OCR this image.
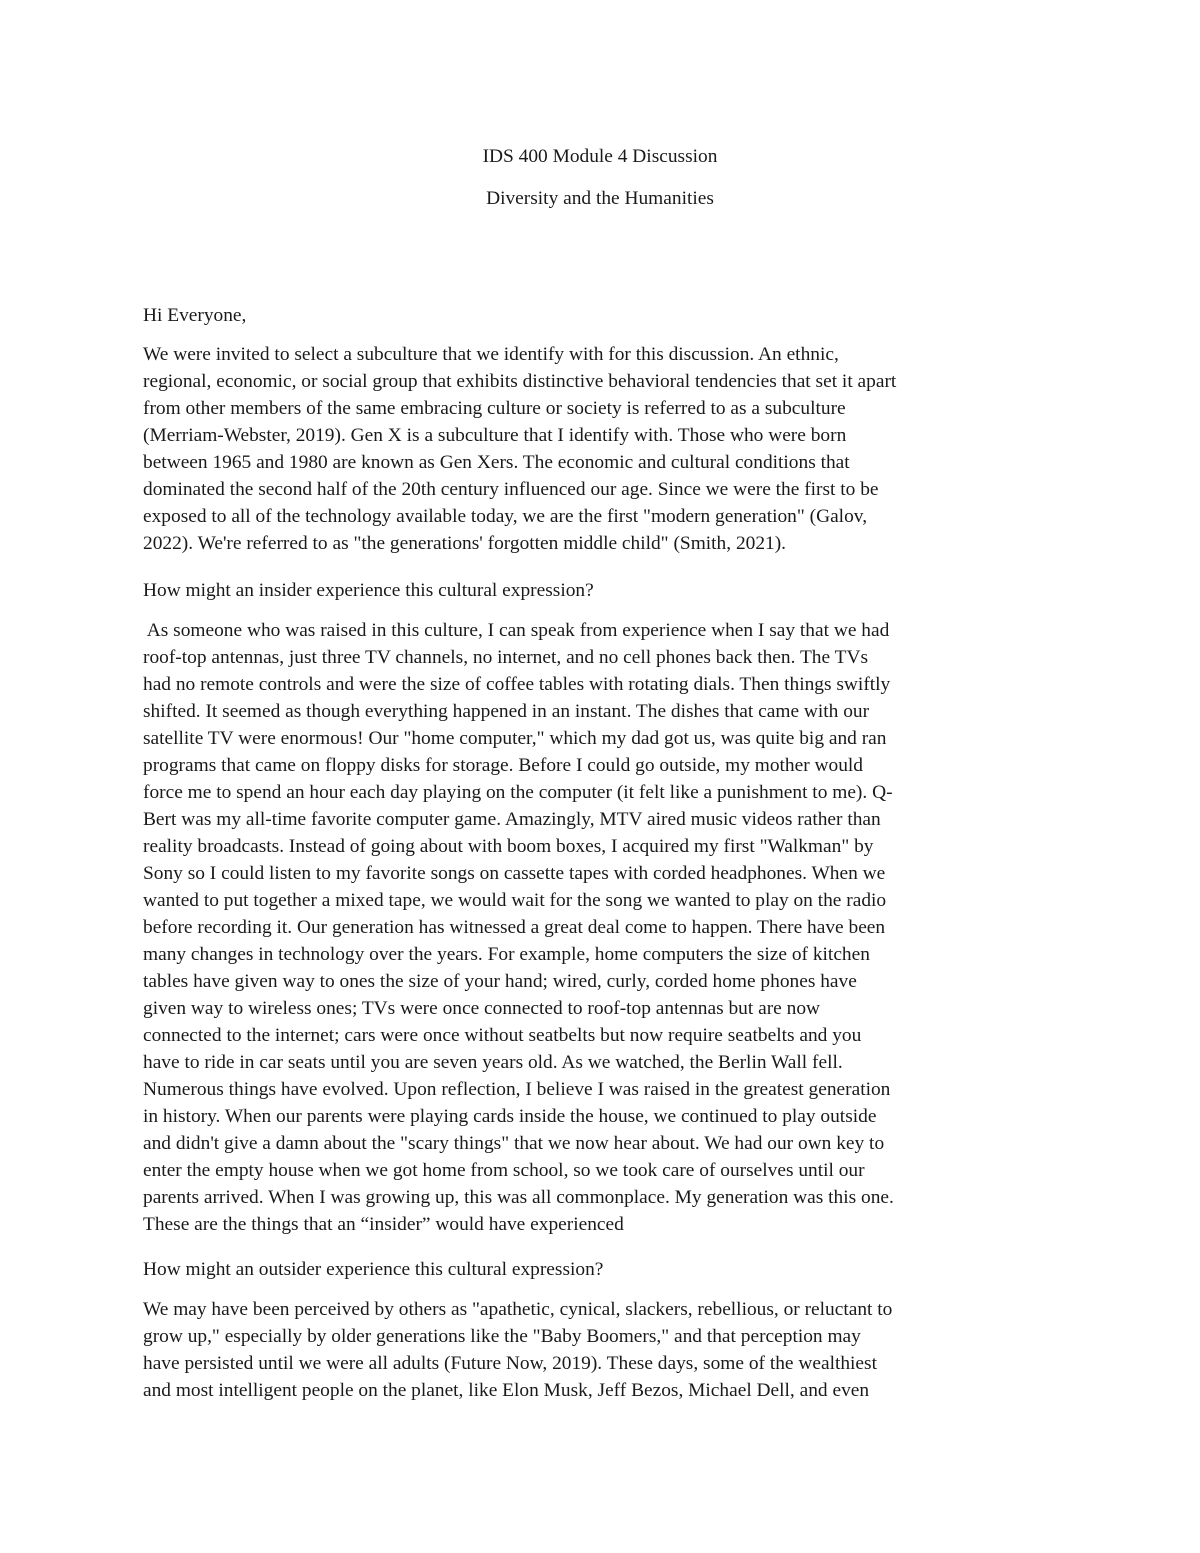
IDS 400 Module 4 Discussion
Diversity and the Humanities
Hi Everyone,
We were invited to select a subculture that we identify with for this discussion. An ethnic,
regional, economic, or social group that exhibits distinctive behavioral tendencies that set it apart
from other members of the same embracing culture or society is referred to as a subculture
(Merriam-Webster, 2019). Gen X is a subculture that I identify with. Those who were born
between 1965 and 1980 are known as Gen Xers. The economic and cultural conditions that
dominated the second half of the 20th century influenced our age. Since we were the first to be
exposed to all of the technology available today, we are the first "modern generation" (Galov,
2022). We're referred to as "the generations' forgotten middle child" (Smith, 2021).
How might an insider experience this cultural expression?
As someone who was raised in this culture, I can speak from experience when I say that we had
roof-top antennas, just three TV channels, no internet, and no cell phones back then. The TVs
had no remote controls and were the size of coffee tables with rotating dials. Then things swiftly
shifted. It seemed as though everything happened in an instant. The dishes that came with our
satellite TV were enormous! Our "home computer," which my dad got us, was quite big and ran
programs that came on floppy disks for storage. Before I could go outside, my mother would
force me to spend an hour each day playing on the computer (it felt like a punishment to me). Q-
Bert was my all-time favorite computer game. Amazingly, MTV aired music videos rather than
reality broadcasts. Instead of going about with boom boxes, I acquired my first "Walkman" by
Sony so I could listen to my favorite songs on cassette tapes with corded headphones. When we
wanted to put together a mixed tape, we would wait for the song we wanted to play on the radio
before recording it. Our generation has witnessed a great deal come to happen. There have been
many changes in technology over the years. For example, home computers the size of kitchen
tables have given way to ones the size of your hand; wired, curly, corded home phones have
given way to wireless ones; TVs were once connected to roof-top antennas but are now
connected to the internet; cars were once without seatbelts but now require seatbelts and you
have to ride in car seats until you are seven years old. As we watched, the Berlin Wall fell.
Numerous things have evolved. Upon reflection, I believe I was raised in the greatest generation
in history. When our parents were playing cards inside the house, we continued to play outside
and didn't give a damn about the "scary things" that we now hear about. We had our own key to
enter the empty house when we got home from school, so we took care of ourselves until our
parents arrived. When I was growing up, this was all commonplace. My generation was this one.
These are the things that an “insider” would have experienced
How might an outsider experience this cultural expression?
We may have been perceived by others as "apathetic, cynical, slackers, rebellious, or reluctant to
grow up," especially by older generations like the "Baby Boomers," and that perception may
have persisted until we were all adults (Future Now, 2019). These days, some of the wealthiest
and most intelligent people on the planet, like Elon Musk, Jeff Bezos, Michael Dell, and even
